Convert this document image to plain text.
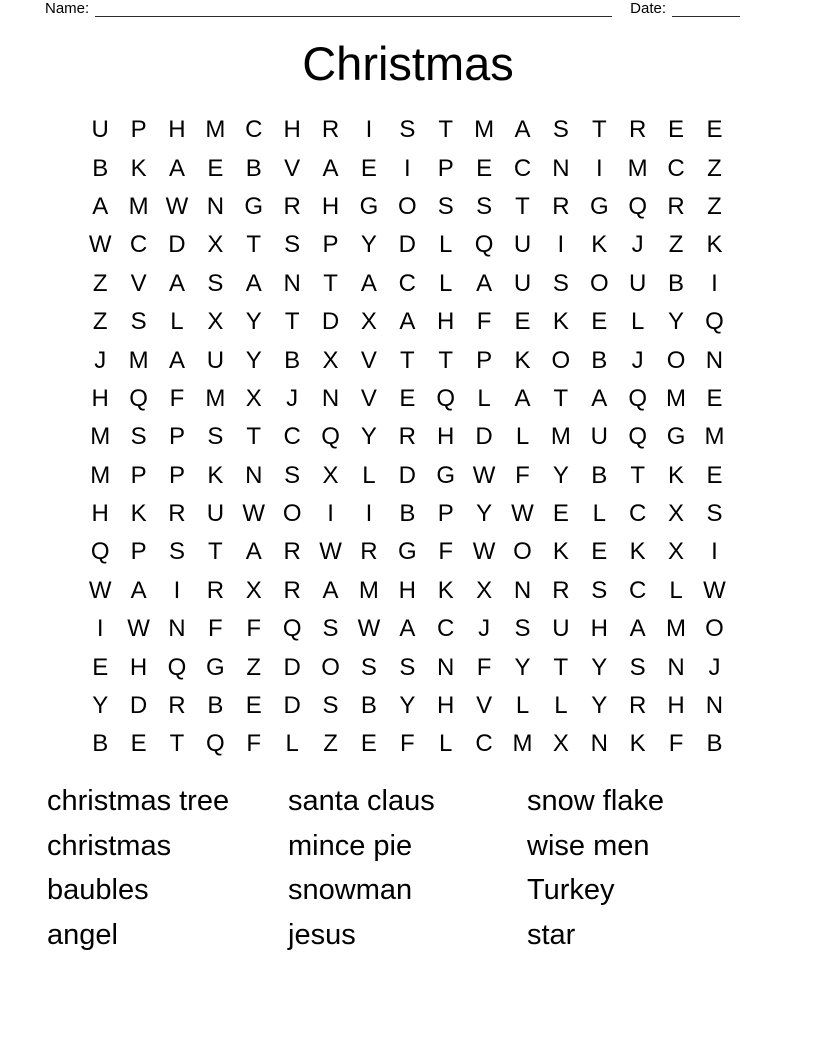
Name:	Date:
Christmas
U P H M C H R	I	S T M A S T R E E
B K A E B V A E	I	P E C N	I	M C Z
A M W N G R H G O S S T R G Q R Z
W C D X T S P Y D L Q U	I	K	J	Z K
Z V A S A N T A C L A U S O U B	I
Z S L X Y T D X A H F E K E L Y Q
J M A U Y B X V T T P K O B	J O N
H Q F M X	J N V E Q L A T A Q M E
M S P S T C Q Y R H D L M U Q G M
M P P K N S X L D G W F Y B T K E
H K R U W O	I	I	B P Y W E L C X S
Q P S T A R W R G F W O K E K X	I
W A	I	R X R A M H K X N R S C L W
I W N F F Q S W A C J	S U H A M O
E H Q G Z D O S S N F Y T Y S N J
Y D R B E D S B Y H V L	L Y R H N
B E T Q F	L	Z E F	L C M X N K F B
christmas tree
christmas
baubles
angel
santa claus
mince pie
snowman
jesus
snow flake
wise men
Turkey
star
